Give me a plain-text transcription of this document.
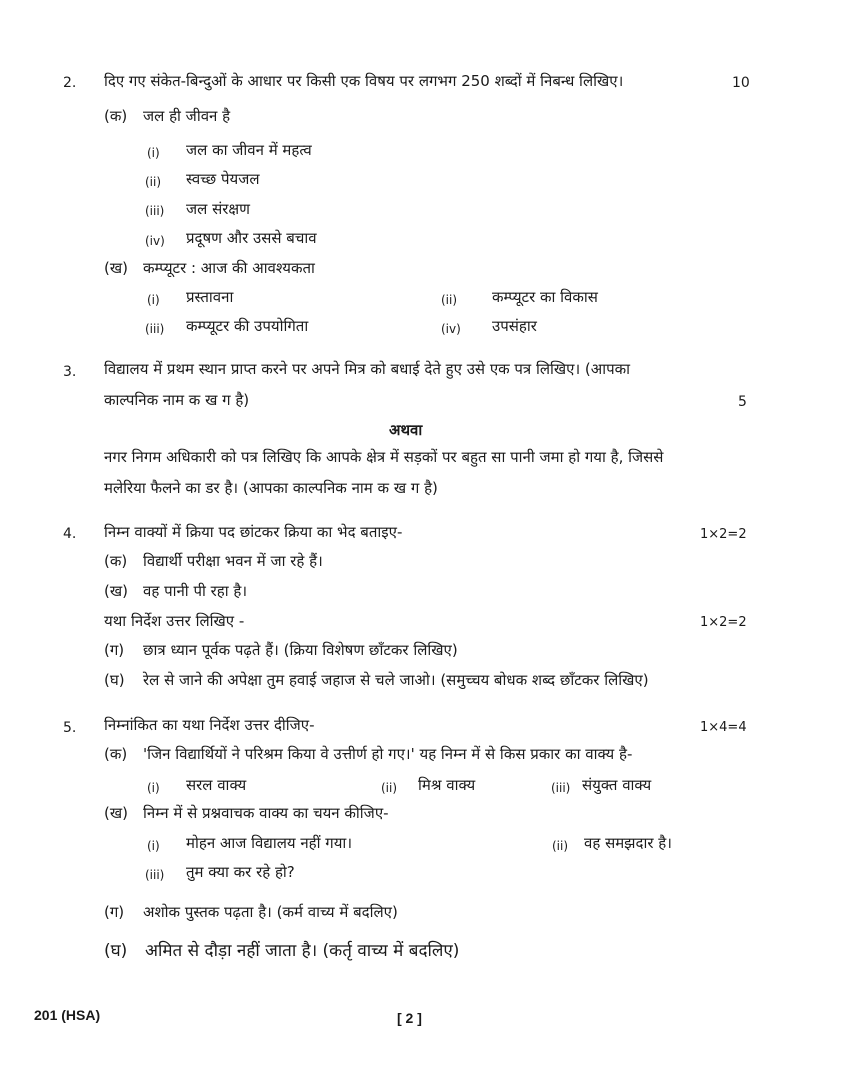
2. दिए गए संकेत-बिन्दुओं के आधार पर किसी एक विषय पर लगभग 250 शब्दों में निबन्ध लिखिए।	10
(क) जल ही जीवन है
(i) जल का जीवन में महत्व
(ii) स्वच्छ पेयजल
(iii) जल संरक्षण
(iv) प्रदूषण और उससे बचाव
(ख) कम्प्यूटर : आज की आवश्यकता
(i) प्रस्तावना	(ii) कम्प्यूटर का विकास
(iii) कम्प्यूटर की उपयोगिता	(iv) उपसंहार
3. विद्यालय में प्रथम स्थान प्राप्त करने पर अपने मित्र को बधाई देते हुए उसे एक पत्र लिखिए। (आपका
काल्पनिक नाम क ख ग है)	5
अथवा
नगर निगम अधिकारी को पत्र लिखिए कि आपके क्षेत्र में सड़कों पर बहुत सा पानी जमा हो गया है, जिससे
मलेरिया फैलने का डर है। (आपका काल्पनिक नाम क ख ग है)
4. निम्न वाक्यों में क्रिया पद छांटकर क्रिया का भेद बताइए-	1×2=2
(क) विद्यार्थी परीक्षा भवन में जा रहे हैं।
(ख) वह पानी पी रहा है।
यथा निर्देश उत्तर लिखिए -	1×2=2
(ग) छात्र ध्यान पूर्वक पढ़ते हैं। (क्रिया विशेषण छाँटकर लिखिए)
(घ) रेल से जाने की अपेक्षा तुम हवाई जहाज से चले जाओ। (समुच्चय बोधक शब्द छाँटकर लिखिए)
5. निम्नांकित का यथा निर्देश उत्तर दीजिए-	1×4=4
(क) 'जिन विद्यार्थियों ने परिश्रम किया वे उत्तीर्ण हो गए।' यह निम्न में से किस प्रकार का वाक्य है-
(i) सरल वाक्य	(ii) मिश्र वाक्य	(iii) संयुक्त वाक्य
(ख) निम्न में से प्रश्नवाचक वाक्य का चयन कीजिए-
(i) मोहन आज विद्यालय नहीं गया।	(ii) वह समझदार है।
(iii) तुम क्या कर रहे हो?
(ग) अशोक पुस्तक पढ़ता है। (कर्म वाच्य में बदलिए)
(घ) अमित से दौड़ा नहीं जाता है। (कर्तृ वाच्य में बदलिए)
201 (HSA)	[ 2 ]
